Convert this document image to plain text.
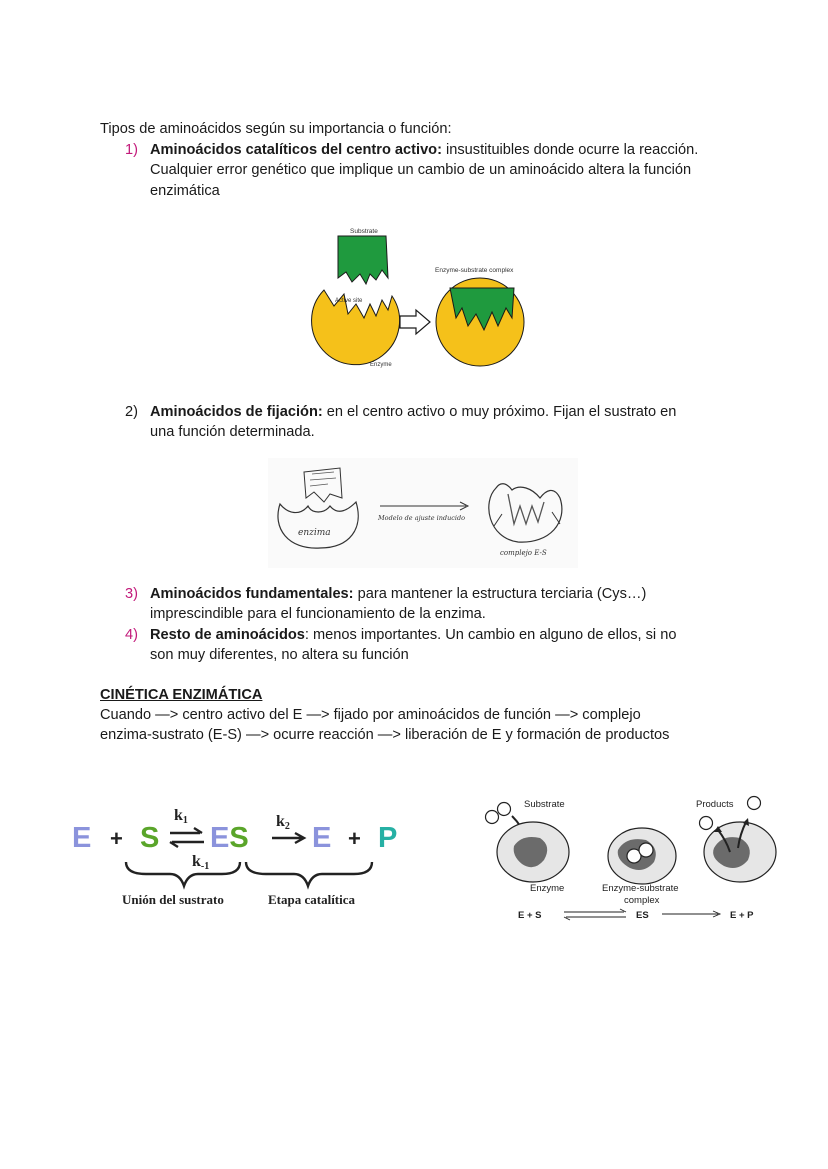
Tipos de aminoácidos según su importancia o función:
1) Aminoácidos catalíticos del centro activo: insustituibles donde ocurre la reacción.
Cualquier error genético que implique un cambio de un aminoácido altera la función
enzimática
Substrate
Active site
Enzyme
Enzyme-substrate complex
2) Aminoácidos de fijación: en el centro activo o muy próximo. Fijan el sustrato en
una función determinada.
enzima
Modelo de ajuste inducido
complejo E-S
3) Aminoácidos fundamentales: para mantener la estructura terciaria (Cys…)
imprescindible para el funcionamiento de la enzima.
4) Resto de aminoácidos: menos importantes. Un cambio en alguno de ellos, si no
son muy diferentes, no altera su función
CINÉTICA ENZIMÁTICA
Cuando —> centro activo del E —> fijado por aminoácidos de función —> complejo
enzima-sustrato (E-S) —> ocurre reacción —> liberación de E y formación de productos
E + S
k1
k-1
ES
k2 E + P
Unión del sustrato	Etapa catalítica
Substrate
Enzyme	Enzyme-substrate
complex
Products
E + S	ES	E + P
